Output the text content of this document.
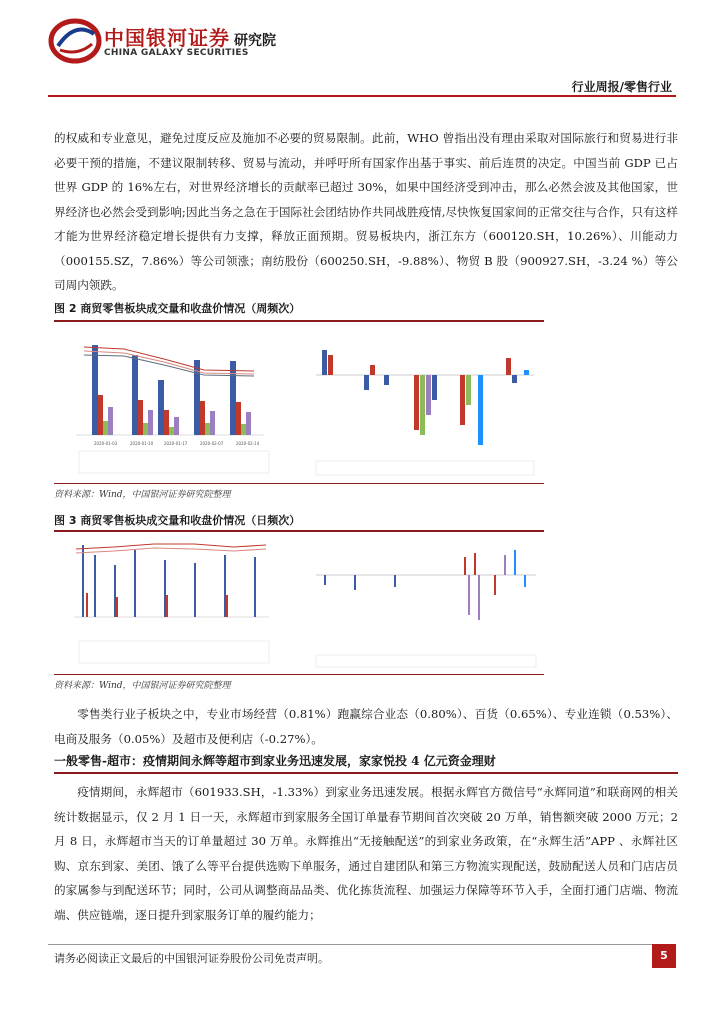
中国银河证券 研究院
CHINA GALAXY SECURITIES
行业周报/零售行业
的权威和专业意见，避免过度反应及施加不必要的贸易限制。此前，WHO 曾指出没有理由采取对国际旅行和贸易进行非必要干预的措施，不建议限制转移、贸易与流动，并呼吁所有国家作出基于事实、前后连贯的决定。中国当前 GDP 已占世界 GDP 的 16%左右，对世界经济增长的贡献率已超过 30%，如果中国经济受到冲击，那么必然会波及其他国家，世界经济也必然会受到影响;因此当务之急在于国际社会团结协作共同战胜疫情,尽快恢复国家间的正常交往与合作，只有这样才能为世界经济稳定增长提供有力支撑，释放正面预期。贸易板块内，浙江东方（600120.SH，10.26%）、川能动力（000155.SZ，7.86%）等公司领涨；南纺股份（600250.SH，-9.88%）、物贸 B 股（900927.SH，-3.24 %）等公司周内领跌。
图 2 商贸零售板块成交量和收盘价情况（周频次）
2020-01-03	2020-01-10	2020-01-17	2020-02-07	2020-02-14
资料来源：Wind，中国银河证券研究院整理
图 3 商贸零售板块成交量和收盘价情况（日频次）
资料来源：Wind，中国银河证券研究院整理
零售类行业子板块之中，专业市场经营（0.81%）跑赢综合业态（0.80%）、百货（0.65%）、专业连锁（0.53%）、电商及服务（0.05%）及超市及便利店（-0.27%）。
一般零售-超市：疫情期间永辉等超市到家业务迅速发展，家家悦投 4 亿元资金理财
疫情期间，永辉超市（601933.SH，-1.33%）到家业务迅速发展。根据永辉官方微信号“永辉同道”和联商网的相关统计数据显示，仅 2 月 1 日一天，永辉超市到家服务全国订单量春节期间首次突破 20 万单，销售额突破 2000 万元；2 月 8 日，永辉超市当天的订单量超过 30 万单。永辉推出“无接触配送”的到家业务政策，在“永辉生活”APP 、永辉社区购、京东到家、美团、饿了么等平台提供选购下单服务，通过自建团队和第三方物流实现配送，鼓励配送人员和门店店员的家属参与到配送环节；同时，公司从调整商品品类、优化拣货流程、加强运力保障等环节入手，全面打通门店端、物流端、供应链端，逐日提升到家服务订单的履约能力；
请务必阅读正文最后的中国银河证券股份公司免责声明。	5
